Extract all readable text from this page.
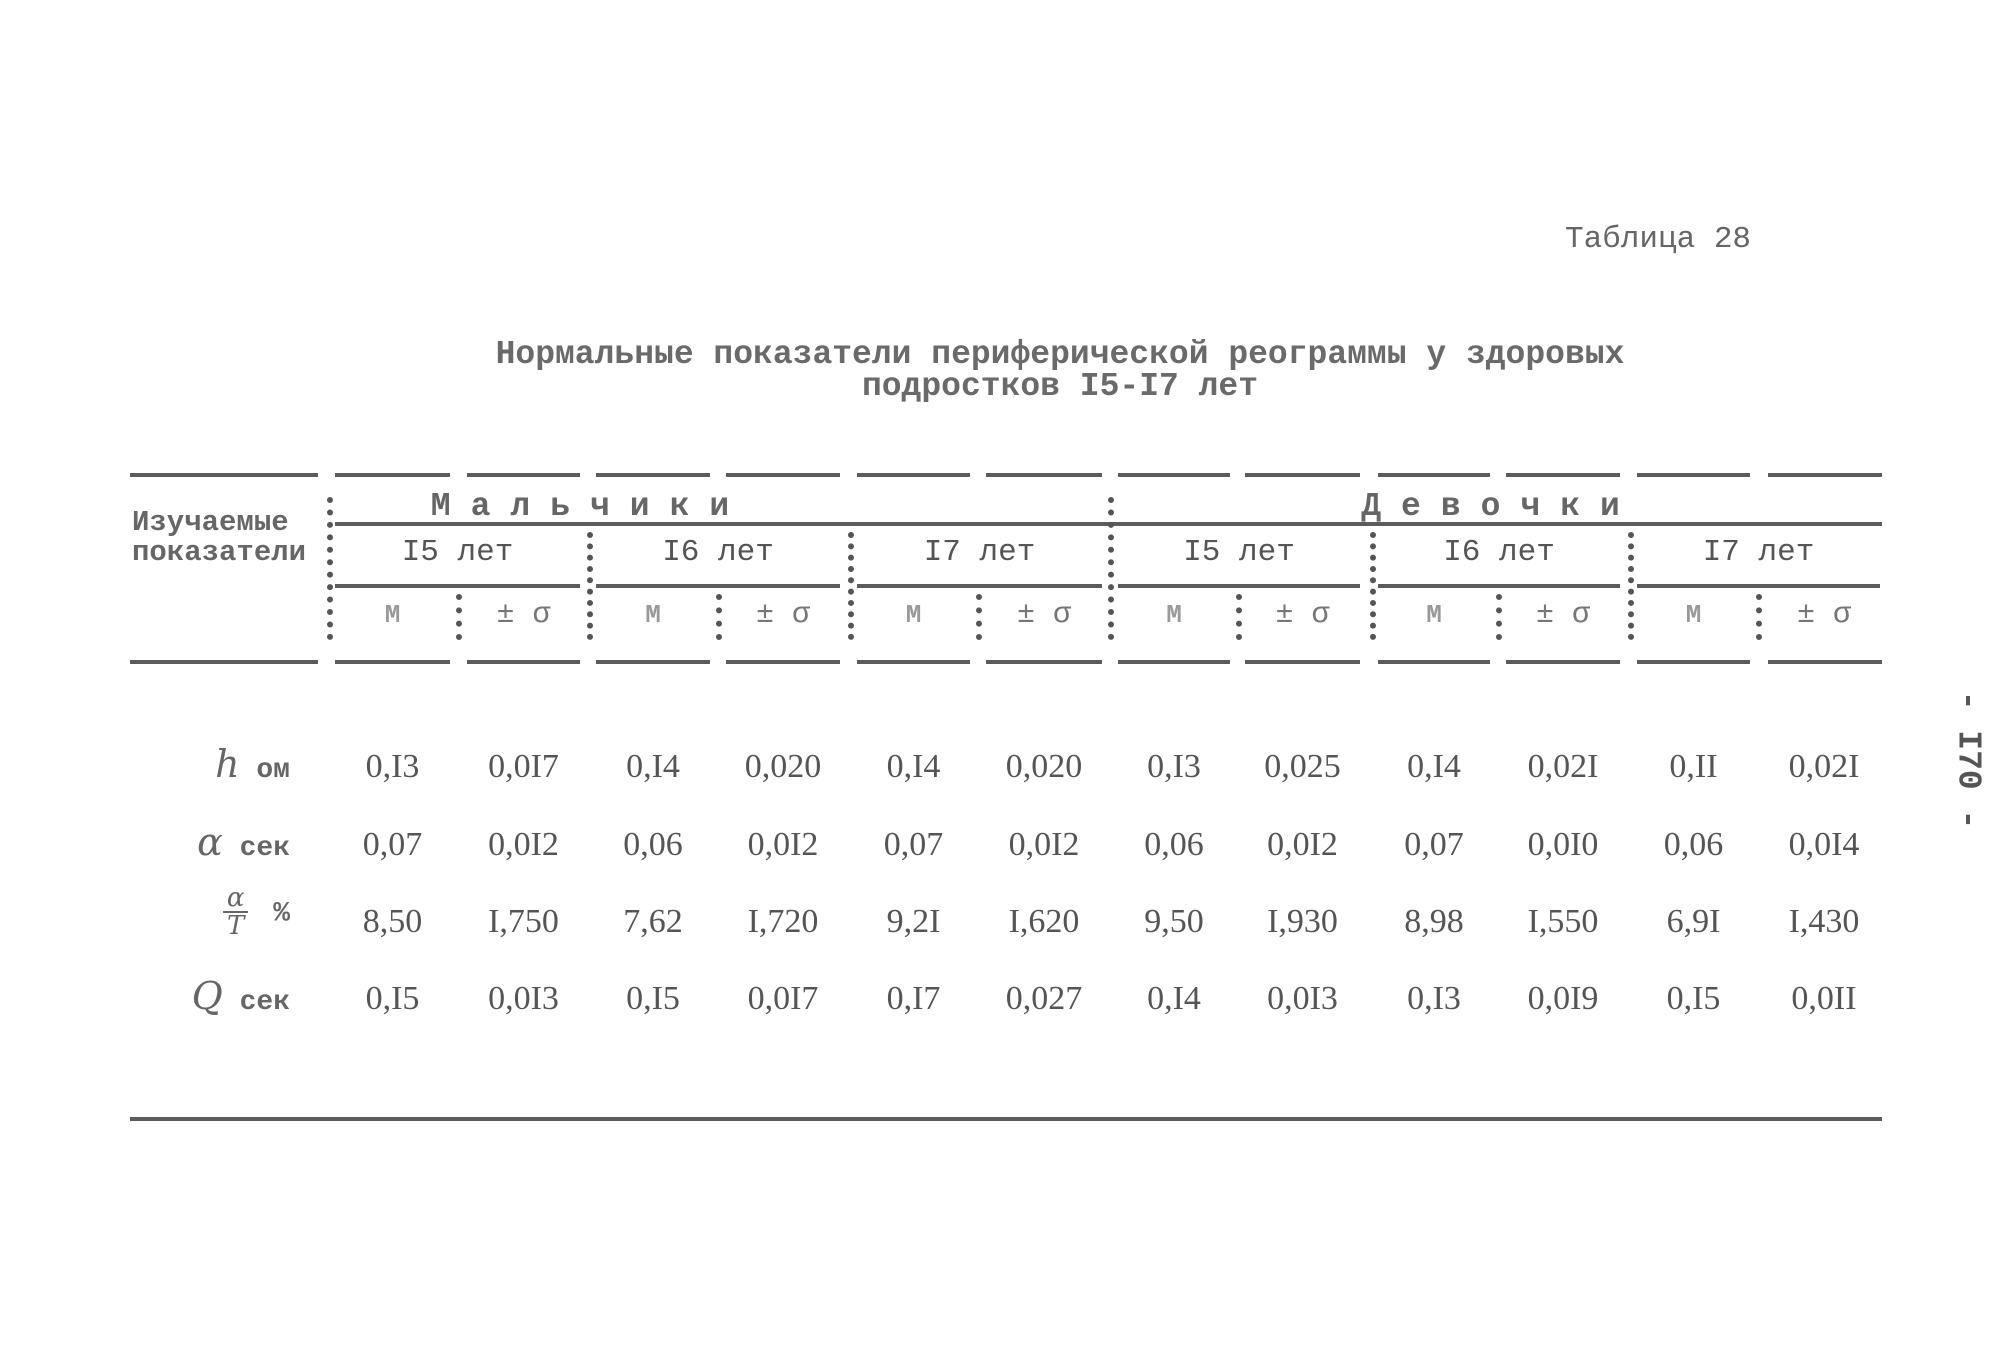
Таблица 28
Нормальные показатели периферической реограммы у здоровых
подростков I5-I7 лет
- I70 -
Изучаемые
показатели
Мальчики	Девочки
I5 лет	I6 лет	I7 лет	I5 лет	I6 лет	I7 лет
М	± σ	М	± σ	М	± σ	М	± σ	М	± σ	М	± σ
h ом	0,I3	0,0I7	0,I4	0,020	0,I4	0,020	0,I3	0,025	0,I4	0,02I	0,II	0,02I
α сек	0,07	0,0I2	0,06	0,0I2	0,07	0,0I2	0,06	0,0I2	0,07	0,0I0	0,06	0,0I4
$\frac{\alpha}{T}$ %	8,50	I,750	7,62	I,720	9,2I	I,620	9,50	I,930	8,98	I,550	6,9I	I,430
Q сек	0,I5	0,0I3	0,I5	0,0I7	0,I7	0,027	0,I4	0,0I3	0,I3	0,0I9	0,I5	0,0II
